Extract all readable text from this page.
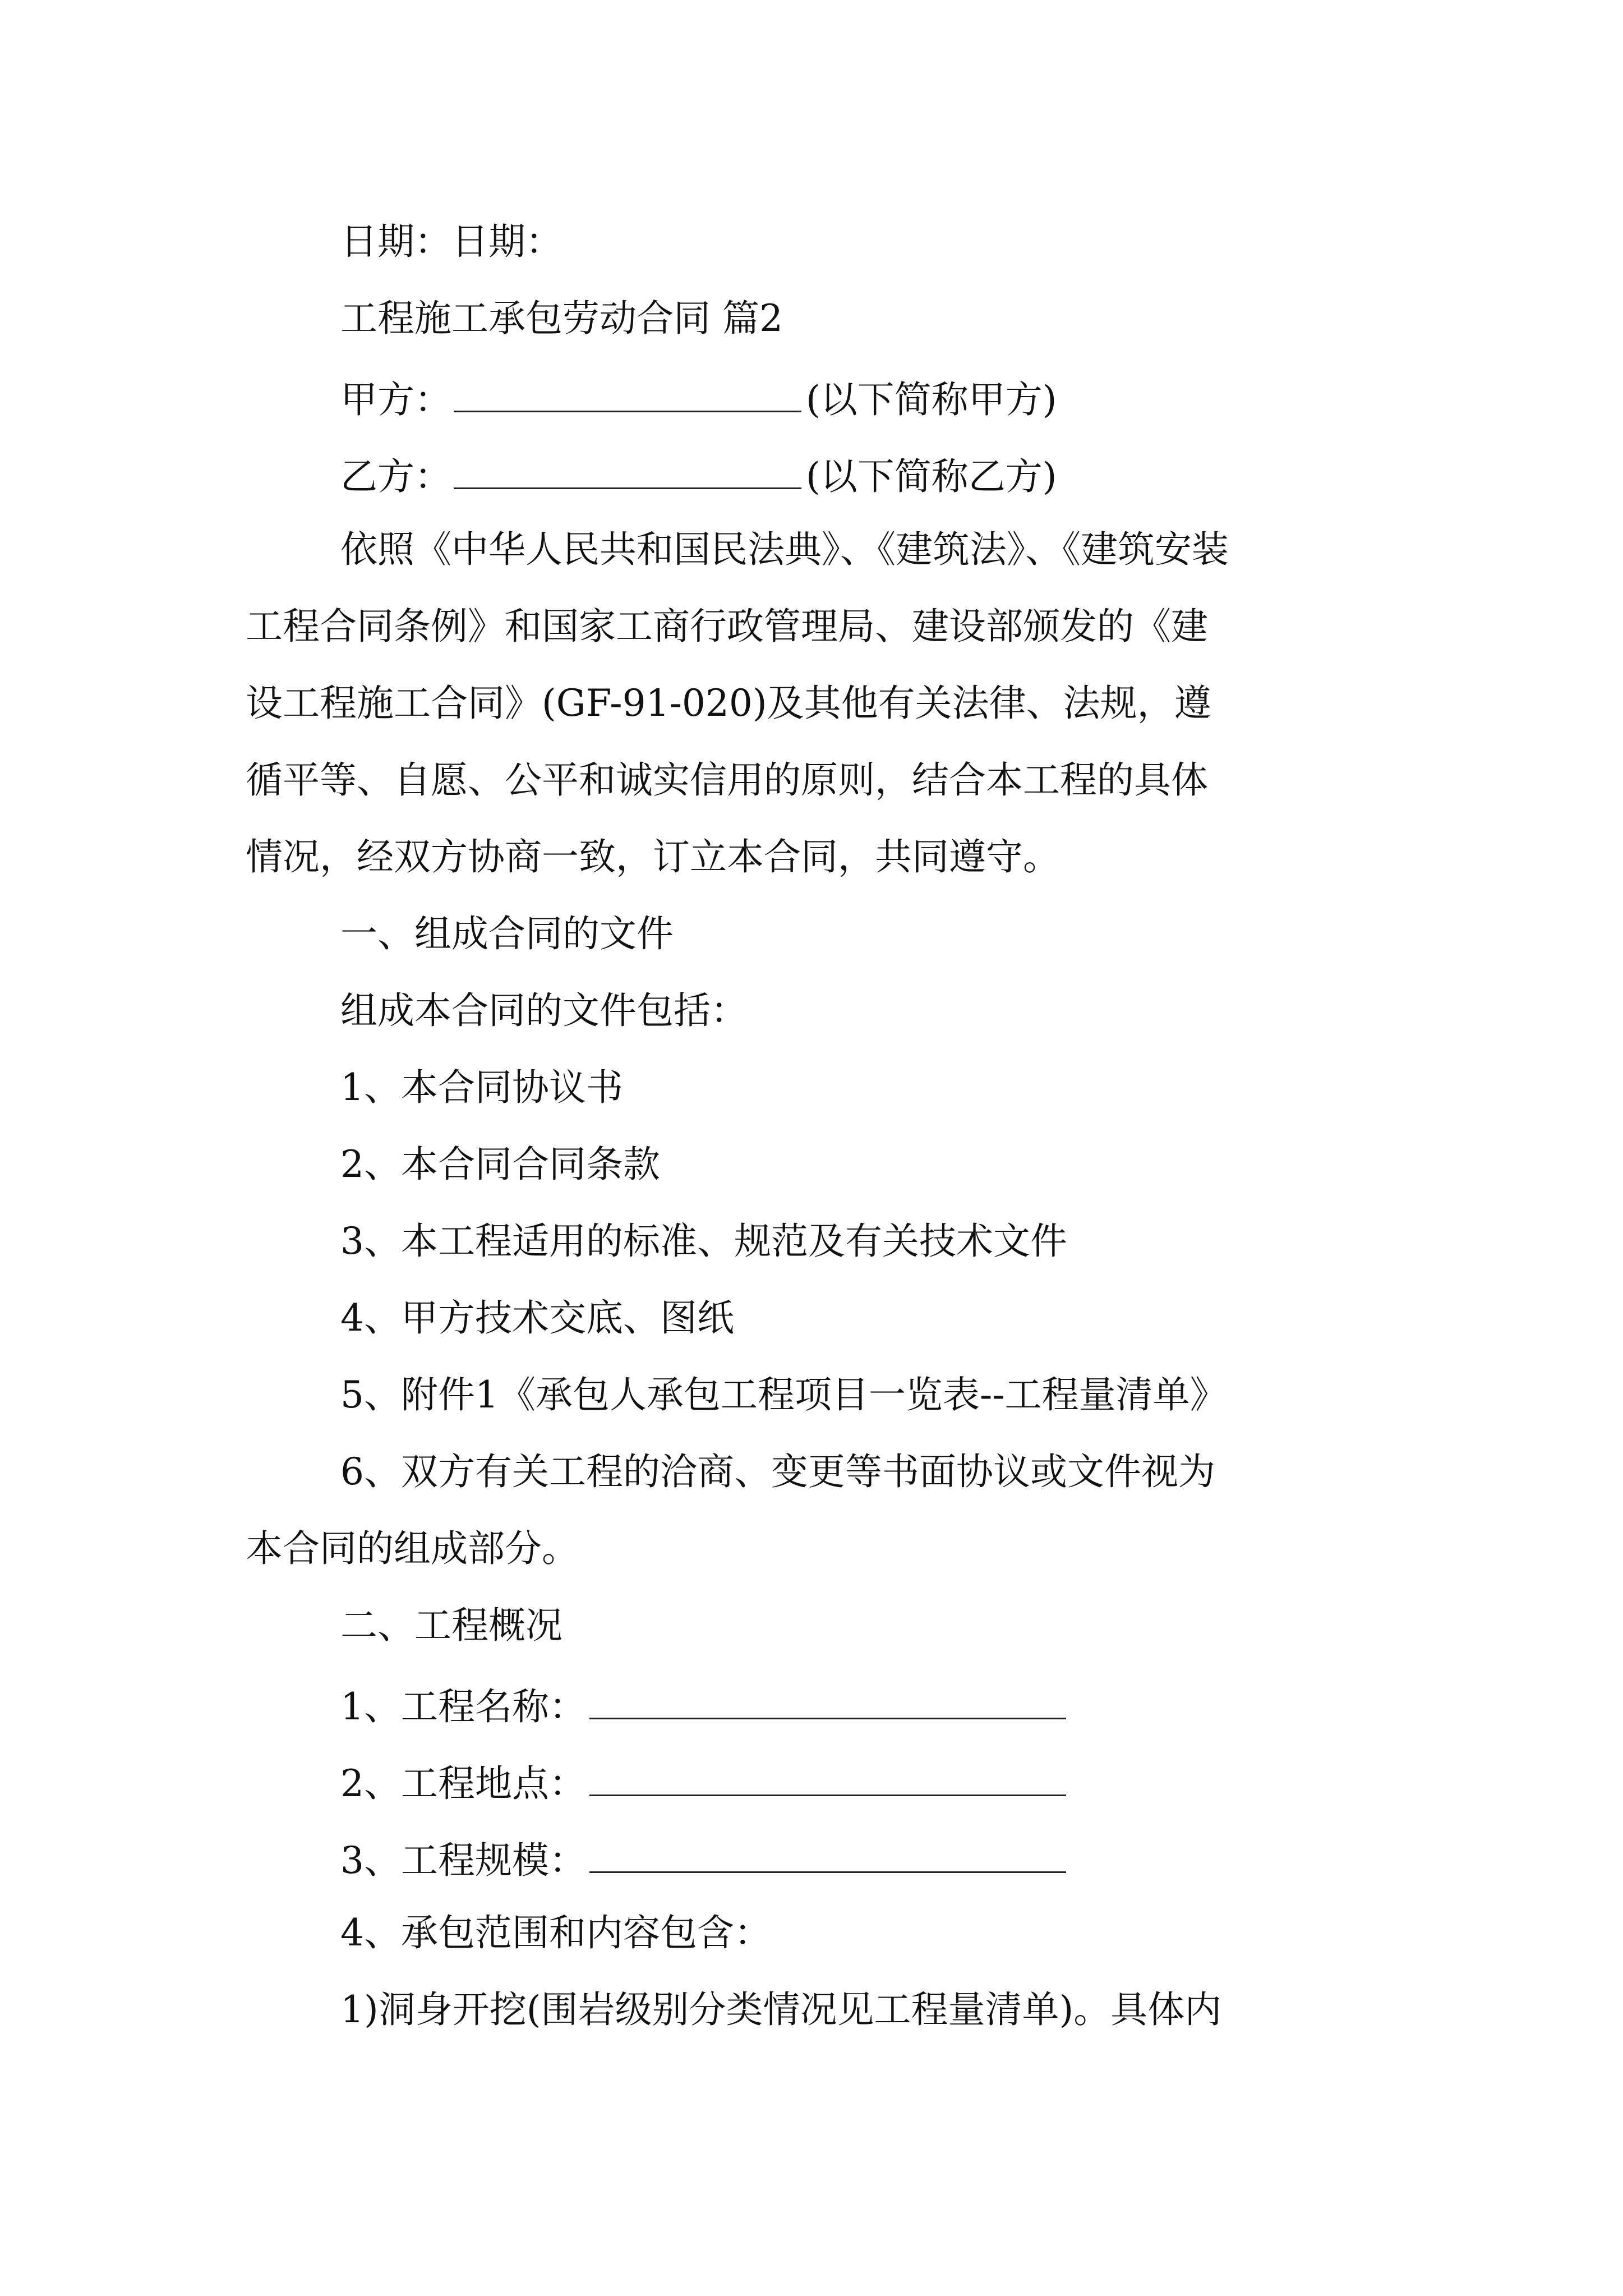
日期：日期：
工程施工承包劳动合同 篇2
甲方：	(以下简称甲方)
乙方：	(以下简称乙方)
依照《中华人民共和国民法典》、《建筑法》、《建筑安装
工程合同条例》和国家工商行政管理局、建设部颁发的《建
设工程施工合同》(GF-91-020)及其他有关法律、法规，遵
循平等、自愿、公平和诚实信用的原则，结合本工程的具体
情况，经双方协商一致，订立本合同，共同遵守。
一、组成合同的文件
组成本合同的文件包括：
1、本合同协议书
2、本合同合同条款
3、本工程适用的标准、规范及有关技术文件
4、甲方技术交底、图纸
5、附件1《承包人承包工程项目一览表--工程量清单》
6、双方有关工程的洽商、变更等书面协议或文件视为
本合同的组成部分。
二、工程概况
1、工程名称：
2、工程地点：
3、工程规模：
4、承包范围和内容包含：
1)洞身开挖(围岩级别分类情况见工程量清单)。具体内
